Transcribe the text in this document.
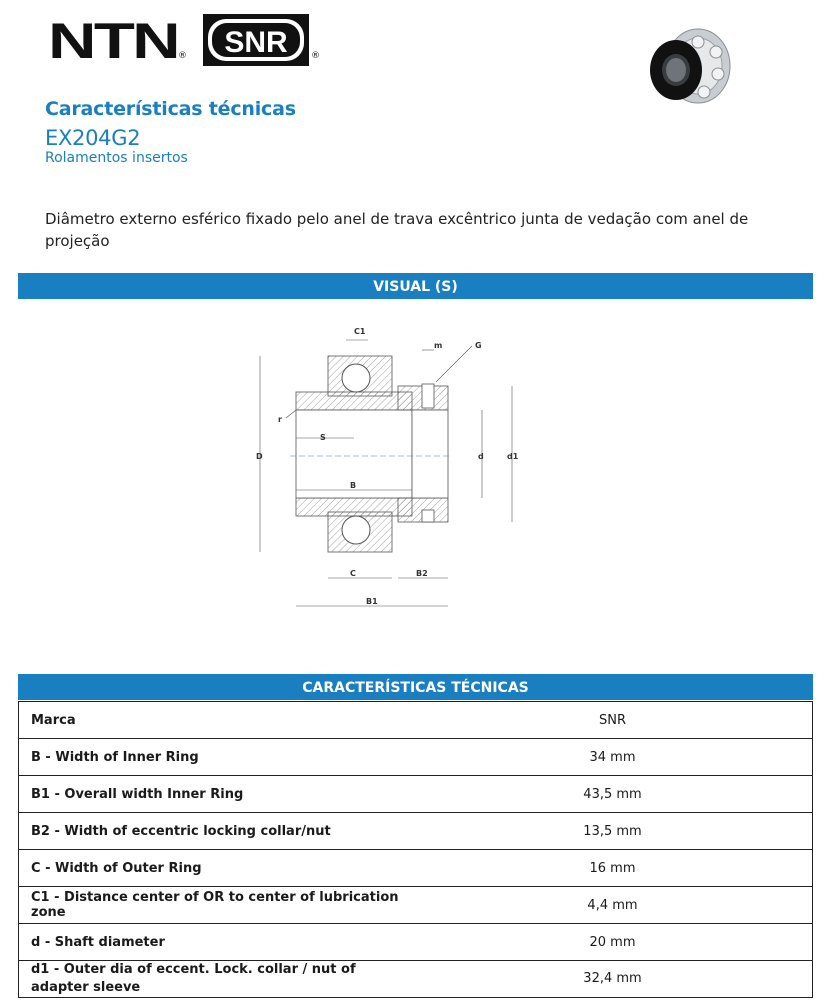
NTN ® SNR	®
Características técnicas
EX204G2
Rolamentos insertos
Diâmetro externo esférico fixado pelo anel de trava excêntrico junta de vedação com anel de projeção
VISUAL (S)
C1
m	G
r
S
D	d	d1
B
C	B2
B1
CARACTERÍSTICAS TÉCNICAS
Marca	SNR
B - Width of Inner Ring	34 mm
B1 - Overall width Inner Ring	43,5 mm
B2 - Width of eccentric locking collar/nut	13,5 mm
C - Width of Outer Ring	16 mm
C1 - Distance center of OR to center of lubrication zone	4,4 mm
d - Shaft diameter	20 mm
d1 - Outer dia of eccent. Lock. collar / nut of adapter sleeve	32,4 mm
